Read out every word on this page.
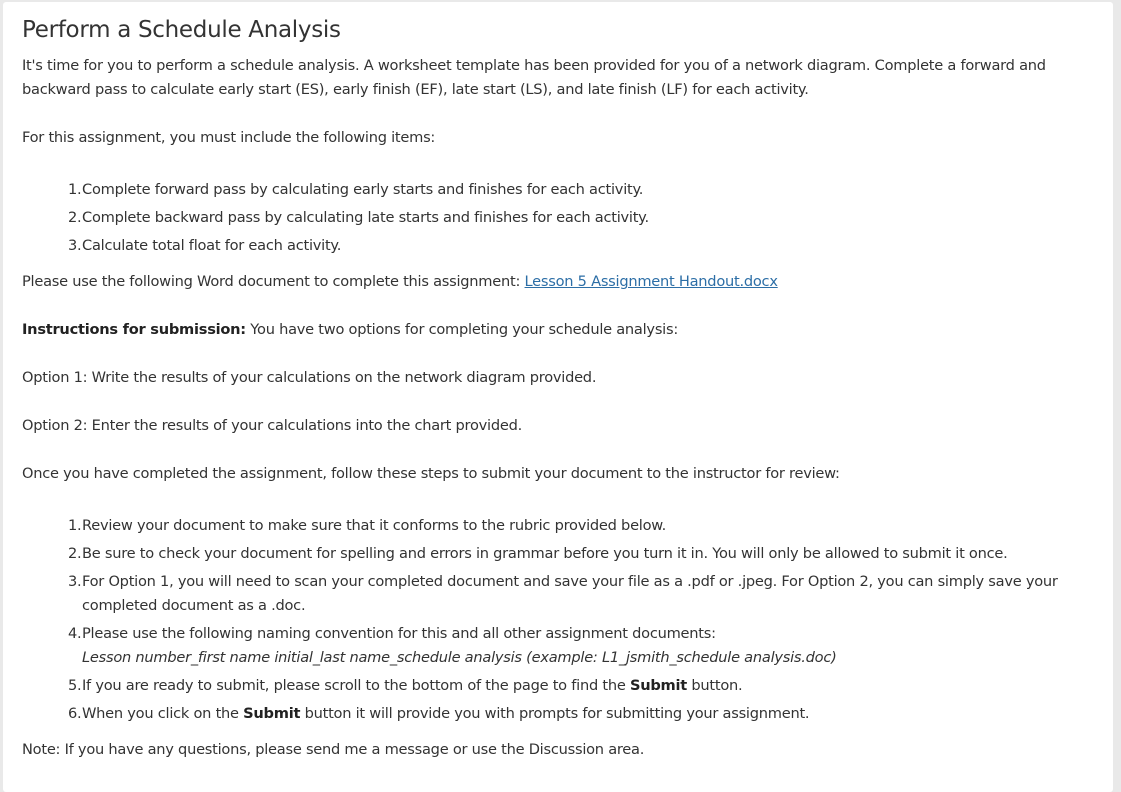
Perform a Schedule Analysis

It's time for you to perform a schedule analysis. A worksheet template has been provided for you of a network diagram. Complete a forward and backward pass to calculate early start (ES), early finish (EF), late start (LS), and late finish (LF) for each activity.

For this assignment, you must include the following items:

Complete forward pass by calculating early starts and finishes for each activity.
Complete backward pass by calculating late starts and finishes for each activity.
Calculate total float for each activity.

Please use the following Word document to complete this assignment: Lesson 5 Assignment Handout.docx

Instructions for submission: You have two options for completing your schedule analysis:

Option 1: Write the results of your calculations on the network diagram provided.

Option 2: Enter the results of your calculations into the chart provided.

Once you have completed the assignment, follow these steps to submit your document to the instructor for review:

Review your document to make sure that it conforms to the rubric provided below.
Be sure to check your document for spelling and errors in grammar before you turn it in. You will only be allowed to submit it once.
For Option 1, you will need to scan your completed document and save your file as a .pdf or .jpeg. For Option 2, you can simply save your completed document as a .doc.
Please use the following naming convention for this and all other assignment documents:
Lesson number_first name initial_last name_schedule analysis (example: L1_jsmith_schedule analysis.doc)
If you are ready to submit, please scroll to the bottom of the page to find the Submit button.
When you click on the Submit button it will provide you with prompts for submitting your assignment.

Note: If you have any questions, please send me a message or use the Discussion area.
